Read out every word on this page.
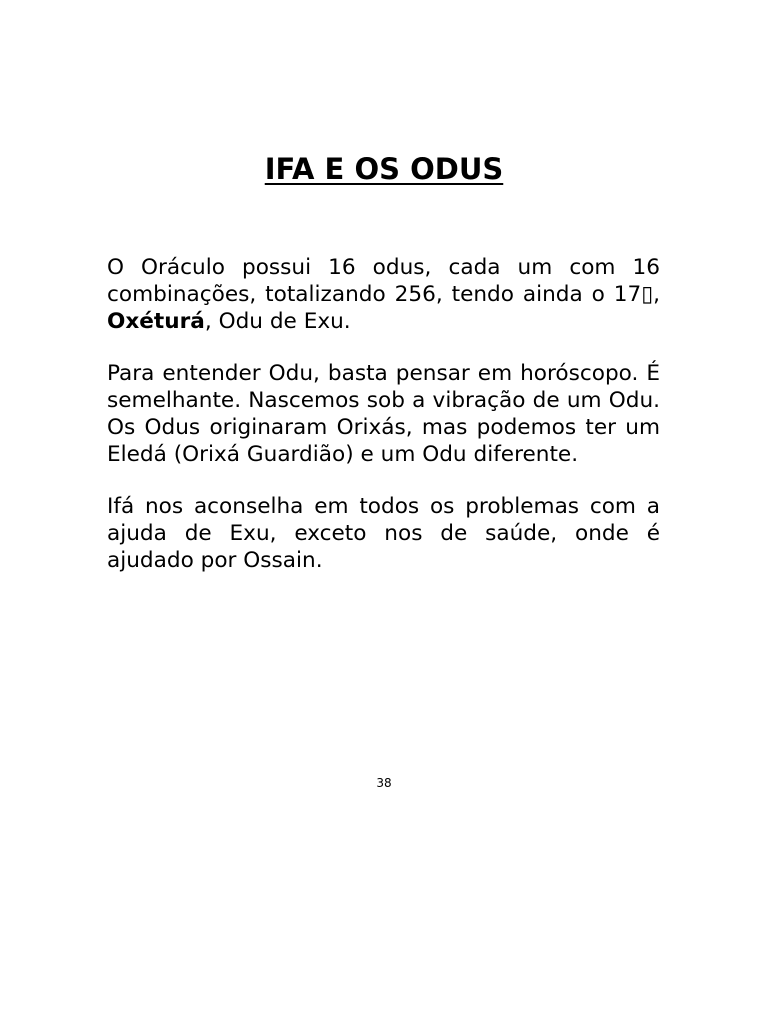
IFA E OS ODUS

O Oráculo possui 16 odus, cada um com 16 combinações, totalizando 256, tendo ainda o 17▯, Oxéturá, Odu de Exu.

Para entender Odu, basta pensar em horóscopo. É semelhante. Nascemos sob a vibração de um Odu. Os Odus originaram Orixás, mas podemos ter um Eledá (Orixá Guardião) e um Odu diferente.

Ifá nos aconselha em todos os problemas com a ajuda de Exu, exceto nos de saúde, onde é ajudado por Ossain.

38
